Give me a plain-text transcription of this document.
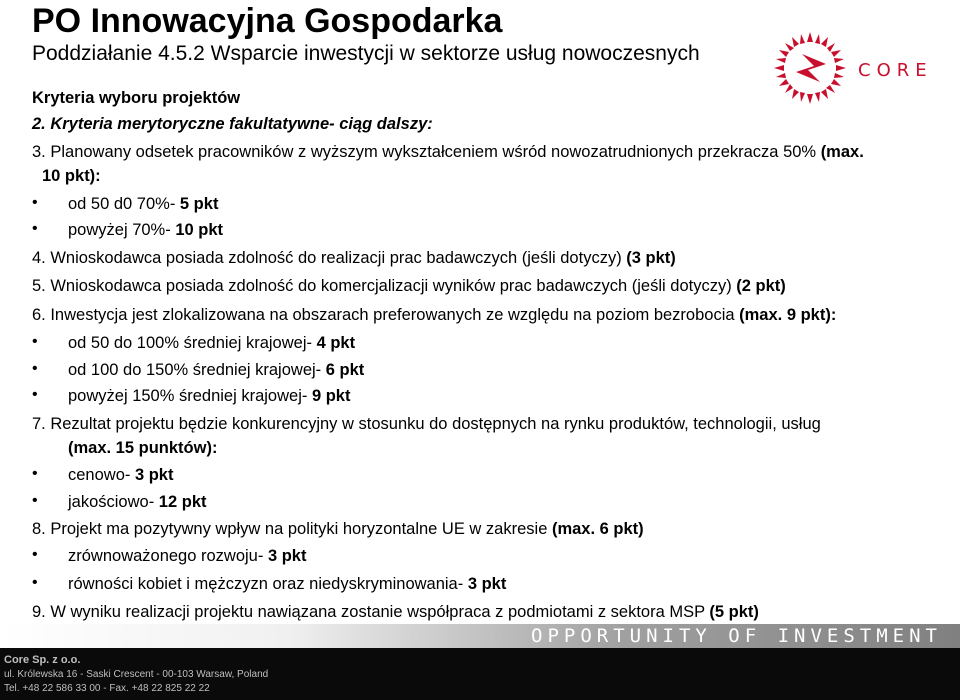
PO Innowacyjna Gospodarka
Poddziałanie 4.5.2 Wsparcie inwestycji w sektorze usług nowoczesnych
CORE
Kryteria wyboru projektów
2. Kryteria merytoryczne fakultatywne- ciąg dalszy:
3. Planowany odsetek pracowników z wyższym wykształceniem wśród nowozatrudnionych przekracza 50% (max.
10 pkt):
• od 50 d0 70%- 5 pkt
• powyżej 70%- 10 pkt
4. Wnioskodawca posiada zdolność do realizacji prac badawczych (jeśli dotyczy) (3 pkt)
5. Wnioskodawca posiada zdolność do komercjalizacji wyników prac badawczych (jeśli dotyczy) (2 pkt)
6. Inwestycja jest zlokalizowana na obszarach preferowanych ze względu na poziom bezrobocia (max. 9 pkt):
• od 50 do 100% średniej krajowej- 4 pkt
• od 100 do 150% średniej krajowej- 6 pkt
• powyżej 150% średniej krajowej- 9 pkt
7. Rezultat projektu będzie konkurencyjny w stosunku do dostępnych na rynku produktów, technologii, usług
(max. 15 punktów):
• cenowo- 3 pkt
• jakościowo- 12 pkt
8. Projekt ma pozytywny wpływ na polityki horyzontalne UE w zakresie (max. 6 pkt)
• zrównoważonego rozwoju- 3 pkt
• równości kobiet i mężczyzn oraz niedyskryminowania- 3 pkt
9. W wyniku realizacji projektu nawiązana zostanie współpraca z podmiotami z sektora MSP (5 pkt)
OPPORTUNITY OF INVESTMENT
Core Sp. z o.o.
ul. Królewska 16 - Saski Crescent - 00-103 Warsaw, Poland
Tel. +48 22 586 33 00 - Fax. +48 22 825 22 22
